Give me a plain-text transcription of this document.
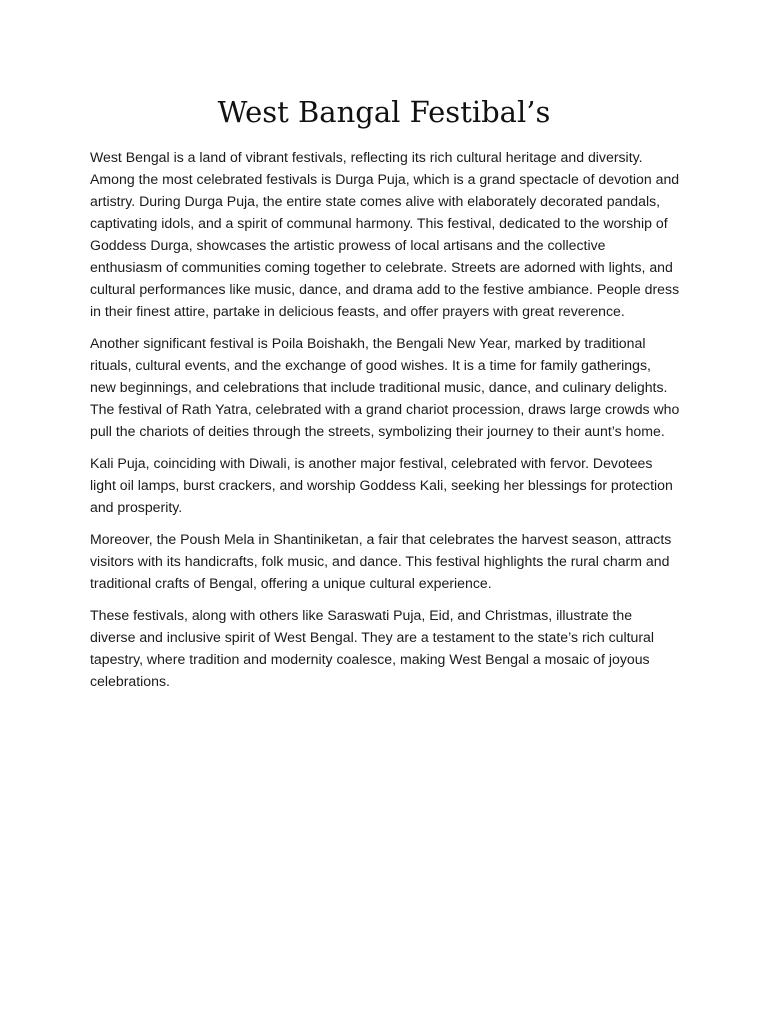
West Bangal Festibal’s

West Bengal is a land of vibrant festivals, reflecting its rich cultural heritage and diversity. Among the most celebrated festivals is Durga Puja, which is a grand spectacle of devotion and artistry. During Durga Puja, the entire state comes alive with elaborately decorated pandals, captivating idols, and a spirit of communal harmony. This festival, dedicated to the worship of Goddess Durga, showcases the artistic prowess of local artisans and the collective enthusiasm of communities coming together to celebrate. Streets are adorned with lights, and cultural performances like music, dance, and drama add to the festive ambiance. People dress in their finest attire, partake in delicious feasts, and offer prayers with great reverence.

Another significant festival is Poila Boishakh, the Bengali New Year, marked by traditional rituals, cultural events, and the exchange of good wishes. It is a time for family gatherings, new beginnings, and celebrations that include traditional music, dance, and culinary delights. The festival of Rath Yatra, celebrated with a grand chariot procession, draws large crowds who pull the chariots of deities through the streets, symbolizing their journey to their aunt’s home.

Kali Puja, coinciding with Diwali, is another major festival, celebrated with fervor. Devotees light oil lamps, burst crackers, and worship Goddess Kali, seeking her blessings for protection and prosperity.

Moreover, the Poush Mela in Shantiniketan, a fair that celebrates the harvest season, attracts visitors with its handicrafts, folk music, and dance. This festival highlights the rural charm and traditional crafts of Bengal, offering a unique cultural experience.

These festivals, along with others like Saraswati Puja, Eid, and Christmas, illustrate the diverse and inclusive spirit of West Bengal. They are a testament to the state’s rich cultural tapestry, where tradition and modernity coalesce, making West Bengal a mosaic of joyous celebrations.
